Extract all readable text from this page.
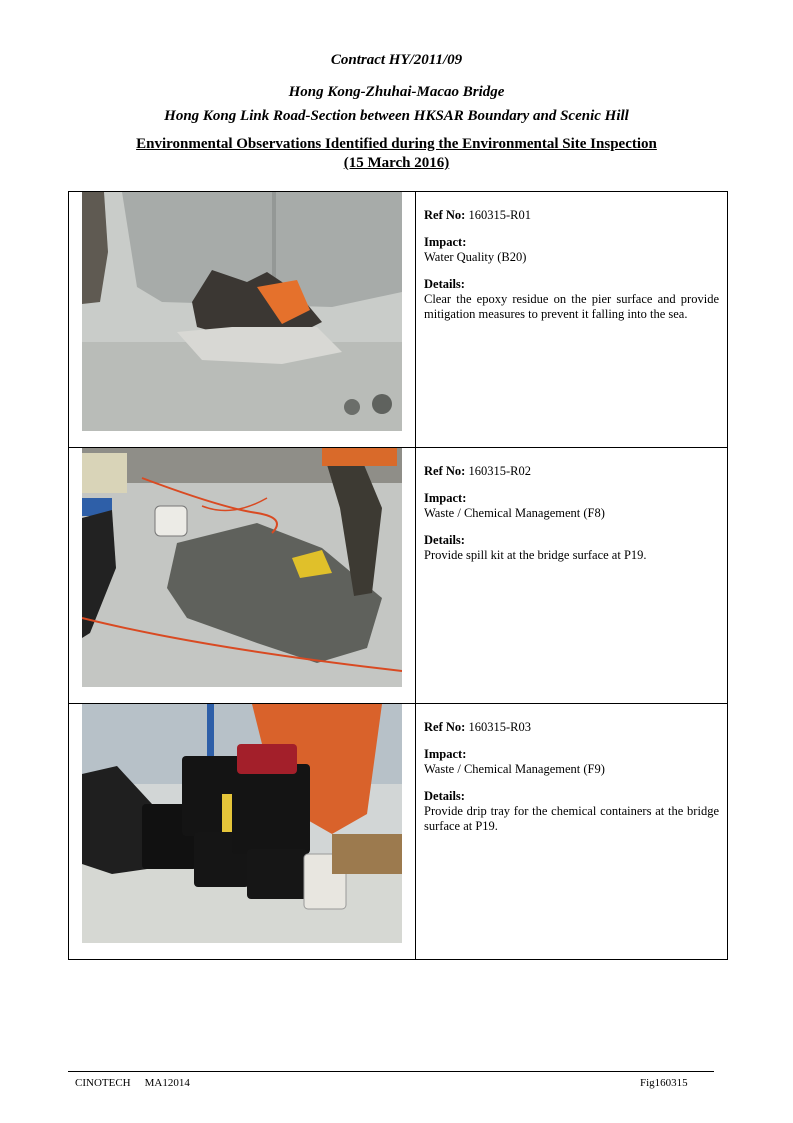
Contract HY/2011/09
Hong Kong-Zhuhai-Macao Bridge
Hong Kong Link Road-Section between HKSAR Boundary and Scenic Hill
Environmental Observations Identified during the Environmental Site Inspection
(15 March 2016)

Ref No: 160315-R01
Impact:
Water Quality (B20)
Details:
Clear the epoxy residue on the pier surface and provide mitigation measures to prevent it falling into the sea.

Ref No: 160315-R02
Impact:
Waste / Chemical Management (F8)
Details:
Provide spill kit at the bridge surface at P19.

Ref No: 160315-R03
Impact:
Waste / Chemical Management (F9)
Details:
Provide drip tray for the chemical containers at the bridge surface at P19.
CINOTECH MA12014	Fig160315
